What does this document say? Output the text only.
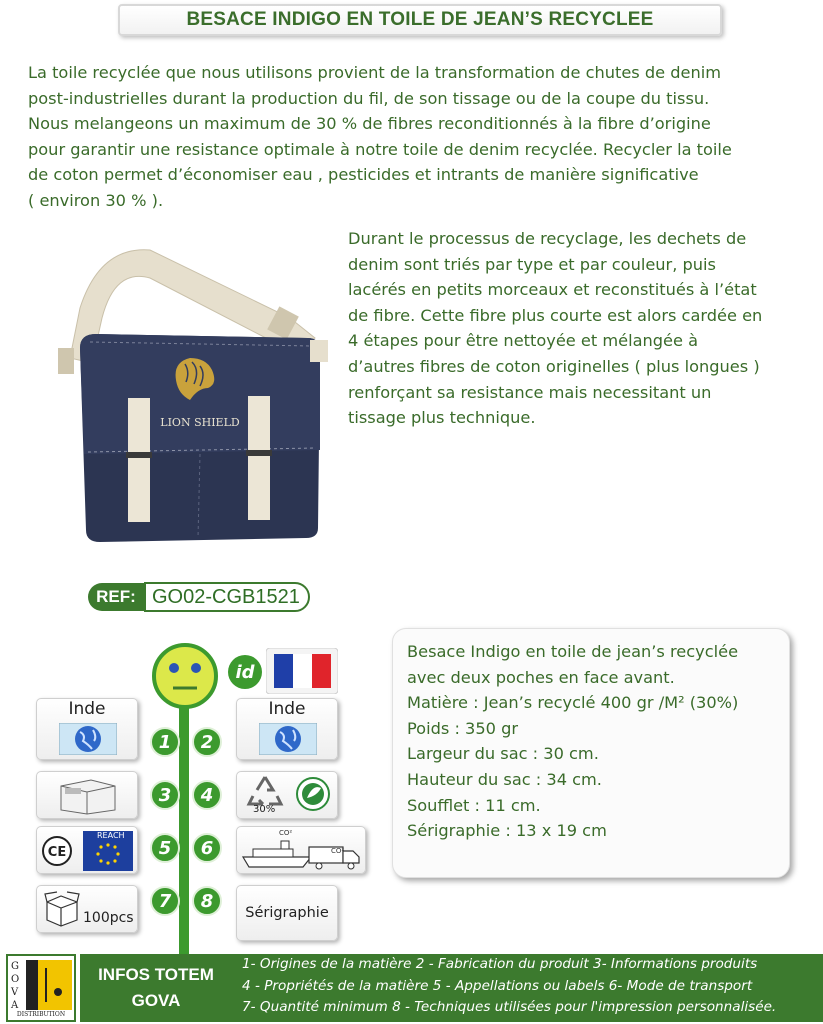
BESACE INDIGO EN TOILE DE JEAN’S RECYCLEE
La toile recyclée que nous utilisons provient de la transformation de chutes de denim
post-industrielles durant la production du fil, de son tissage ou de la coupe du tissu.
Nous melangeons un maximum de 30 % de fibres reconditionnés à la fibre d’origine
pour garantir une resistance optimale à notre toile de denim recyclée. Recycler la toile
de coton permet d’économiser eau , pesticides et intrants de manière significative
( environ 30 % ).
LION SHIELD
Durant le processus de recyclage, les dechets de
denim sont triés par type et par couleur, puis
lacérés en petits morceaux et reconstitués à l’état
de fibre. Cette fibre plus courte est alors cardée en
4 étapes pour être nettoyée et mélangée à
d’autres fibres de coton originelles ( plus longues )
renforçant sa resistance mais necessitant un
tissage plus technique.
REF: GO02-CGB1521
id
1	2
3	4
5	6
7	8
Inde	Inde
30%
CE
REACH	CO²
CO²
100pcs	Sérigraphie
Besace Indigo en toile de jean’s recyclée
avec deux poches en face avant.
Matière : Jean’s recyclé 400 gr /M² (30%)
Poids : 350 gr
Largeur du sac : 30 cm.
Hauteur du sac : 34 cm.
Soufflet : 11 cm.
Sérigraphie : 13 x 19 cm
G O V A
DISTRIBUTION
INFOS TOTEM
GOVA
1- Origines de la matière 2 - Fabrication du produit 3- Informations produits
4 - Propriétés de la matière 5 - Appellations ou labels 6- Mode de transport
7- Quantité minimum 8 - Techniques utilisées pour l'impression personnalisée.
